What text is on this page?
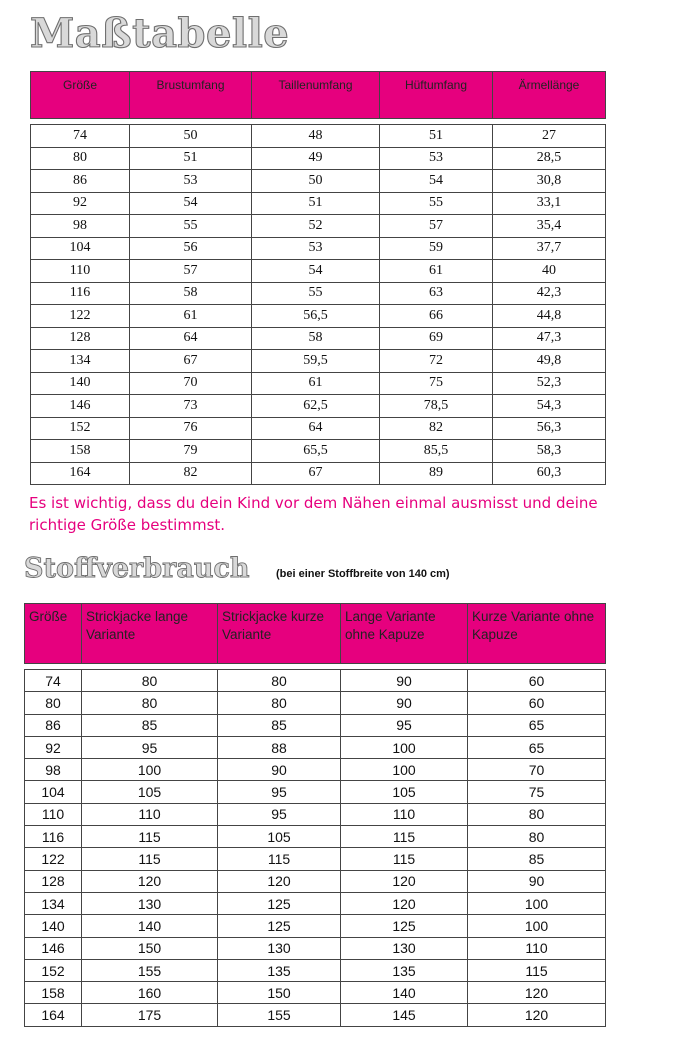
Maßtabelle
Größe	Brustumfang	Taillenumfang	Hüftumfang	Ärmellänge

74	50	48	51	27
80	51	49	53	28,5
86	53	50	54	30,8
92	54	51	55	33,1
98	55	52	57	35,4
104	56	53	59	37,7
110	57	54	61	40
116	58	55	63	42,3
122	61	56,5	66	44,8
128	64	58	69	47,3
134	67	59,5	72	49,8
140	70	61	75	52,3
146	73	62,5	78,5	54,3
152	76	64	82	56,3
158	79	65,5	85,5	58,3
164	82	67	89	60,3

Es ist wichtig, dass du dein Kind vor dem Nähen einmal ausmisst und deine richtige Größe bestimmst.

Stoffverbrauch (bei einer Stoffbreite von 140 cm)
Größe	Strickjacke lange Variante	Strickjacke kurze Variante	Lange Variante ohne Kapuze	Kurze Variante ohne Kapuze

74	80	80	90	60
80	80	80	90	60
86	85	85	95	65
92	95	88	100	65
98	100	90	100	70
104	105	95	105	75
110	110	95	110	80
116	115	105	115	80
122	115	115	115	85
128	120	120	120	90
134	130	125	120	100
140	140	125	125	100
146	150	130	130	110
152	155	135	135	115
158	160	150	140	120
164	175	155	145	120
